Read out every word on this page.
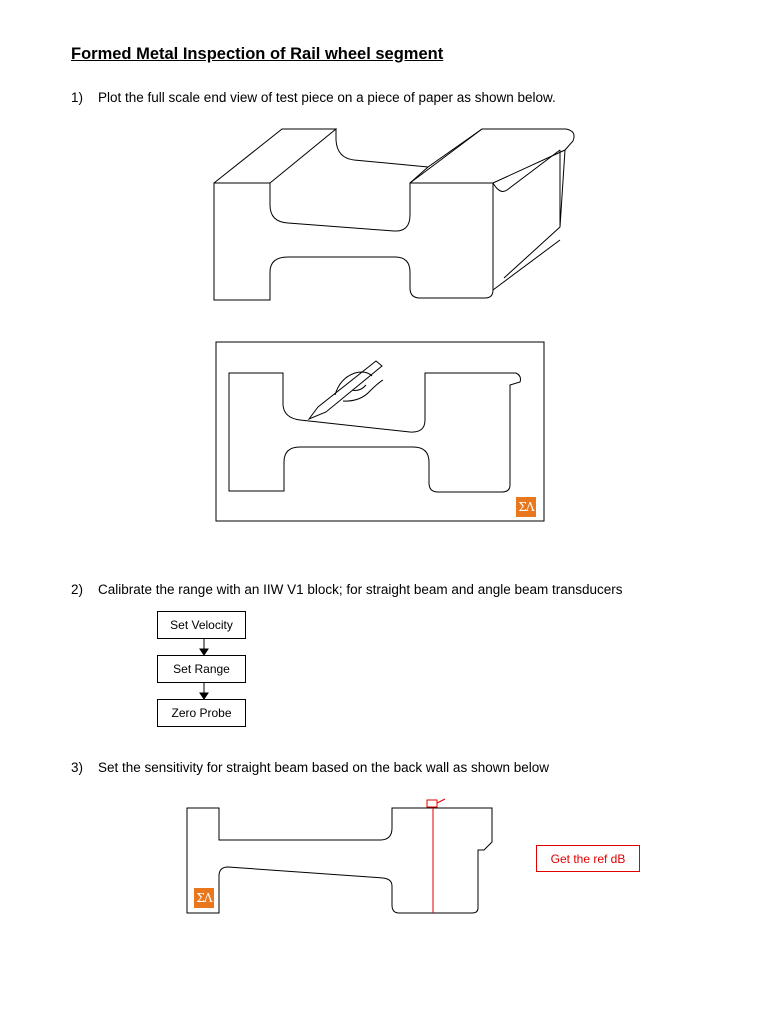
Formed Metal Inspection of Rail wheel segment
1) Plot the full scale end view of test piece on a piece of paper as shown below.
ΣΛ
2) Calibrate the range with an IIW V1 block; for straight beam and angle beam transducers
Set Velocity
Set Range
Zero Probe
3) Set the sensitivity for straight beam based on the back wall as shown below
ΣΛ
Get the ref dB
